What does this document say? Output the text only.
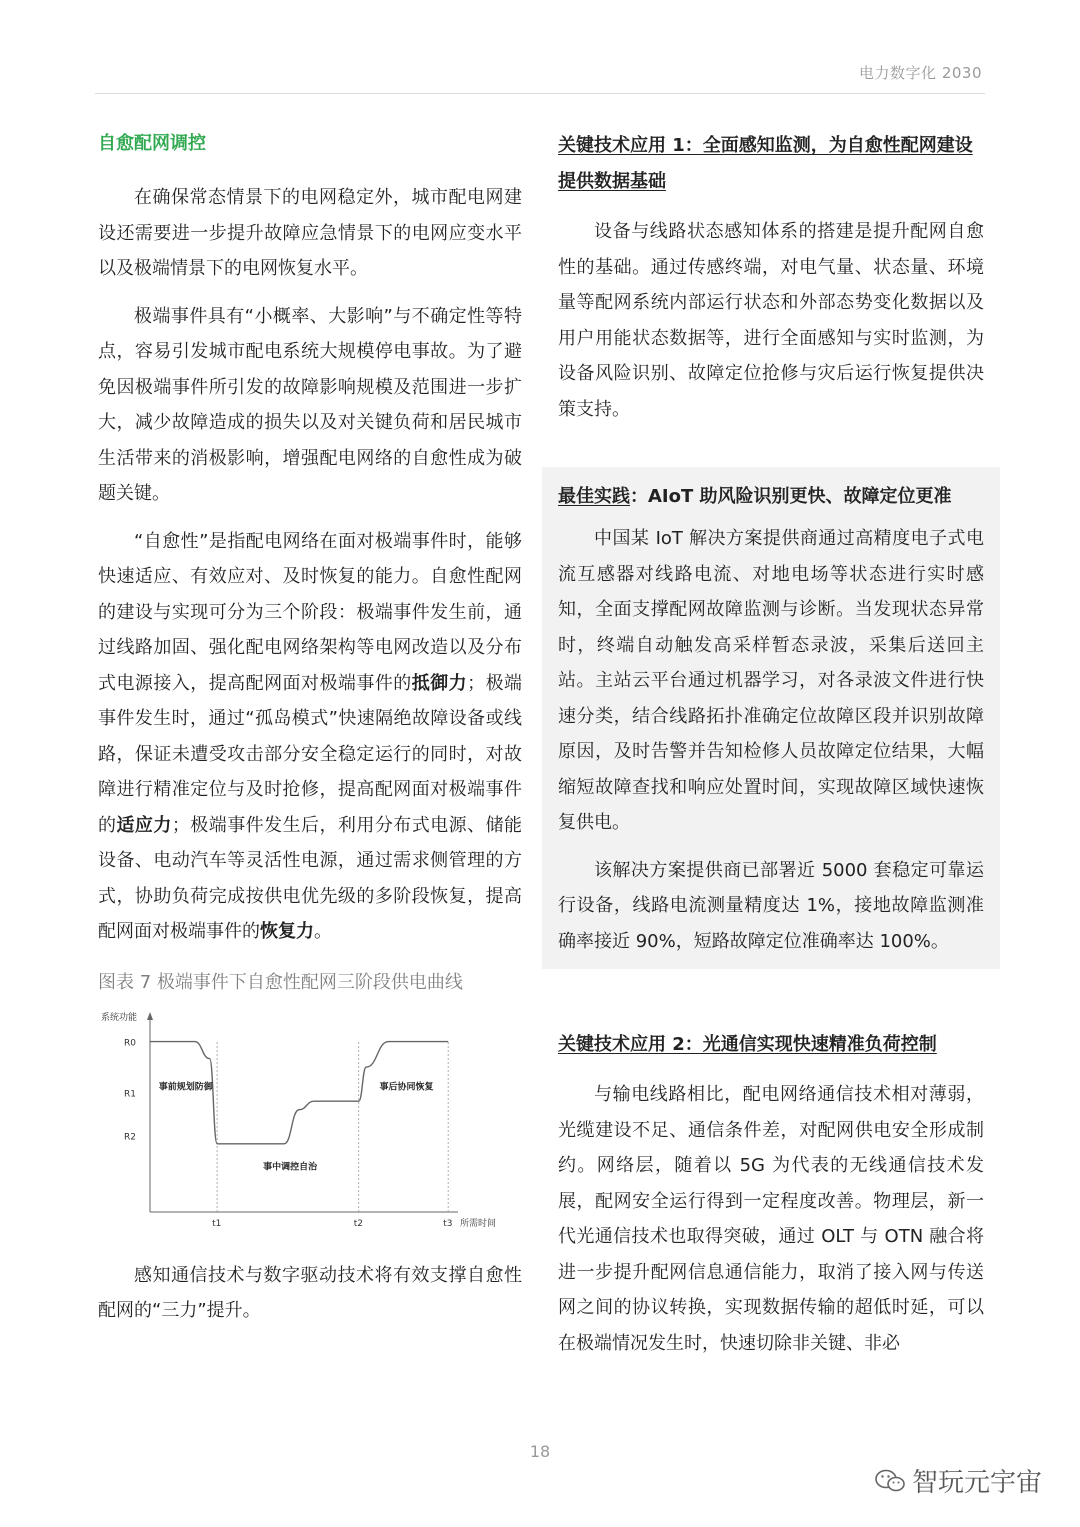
电力数字化 2030
自愈配网调控

在确保常态情景下的电网稳定外，城市配电网建设还需要进一步提升故障应急情景下的电网应变水平以及极端情景下的电网恢复水平。

极端事件具有“小概率、大影响”与不确定性等特点，容易引发城市配电系统大规模停电事故。为了避免因极端事件所引发的故障影响规模及范围进一步扩大，减少故障造成的损失以及对关键负荷和居民城市生活带来的消极影响，增强配电网络的自愈性成为破题关键。

“自愈性”是指配电网络在面对极端事件时，能够快速适应、有效应对、及时恢复的能力。自愈性配网的建设与实现可分为三个阶段：极端事件发生前，通过线路加固、强化配电网络架构等电网改造以及分布式电源接入，提高配网面对极端事件的抵御力；极端事件发生时，通过“孤岛模式”快速隔绝故障设备或线路，保证未遭受攻击部分安全稳定运行的同时，对故障进行精准定位与及时抢修，提高配网面对极端事件的适应力；极端事件发生后，利用分布式电源、储能设备、电动汽车等灵活性电源，通过需求侧管理的方式，协助负荷完成按供电优先级的多阶段恢复，提高配网面对极端事件的恢复力。

图表 7 极端事件下自愈性配网三阶段供电曲线
系统功能
所需时间
R0
R1
R2
t1	t2	t3
事前规划防御
事中调控自治
事后协同恢复

感知通信技术与数字驱动技术将有效支撑自愈性配网的“三力”提升。

关键技术应用 1：全面感知监测，为自愈性配网建设提供数据基础

设备与线路状态感知体系的搭建是提升配网自愈性的基础。通过传感终端，对电气量、状态量、环境量等配网系统内部运行状态和外部态势变化数据以及用户用能状态数据等，进行全面感知与实时监测，为设备风险识别、故障定位抢修与灾后运行恢复提供决策支持。

最佳实践：AIoT 助风险识别更快、故障定位更准

中国某 IoT 解决方案提供商通过高精度电子式电流互感器对线路电流、对地电场等状态进行实时感知，全面支撑配网故障监测与诊断。当发现状态异常时，终端自动触发高采样暂态录波，采集后送回主站。主站云平台通过机器学习，对各录波文件进行快速分类，结合线路拓扑准确定位故障区段并识别故障原因，及时告警并告知检修人员故障定位结果，大幅缩短故障查找和响应处置时间，实现故障区域快速恢复供电。

该解决方案提供商已部署近 5000 套稳定可靠运行设备，线路电流测量精度达 1%，接地故障监测准确率接近 90%，短路故障定位准确率达 100%。

关键技术应用 2：光通信实现快速精准负荷控制

与输电线路相比，配电网络通信技术相对薄弱，光缆建设不足、通信条件差，对配网供电安全形成制约。网络层，随着以 5G 为代表的无线通信技术发展，配网安全运行得到一定程度改善。物理层，新一代光通信技术也取得突破，通过 OLT 与 OTN 融合将进一步提升配网信息通信能力，取消了接入网与传送网之间的协议转换，实现数据传输的超低时延，可以在极端情况发生时，快速切除非关键、非必

18
智玩元宇宙
